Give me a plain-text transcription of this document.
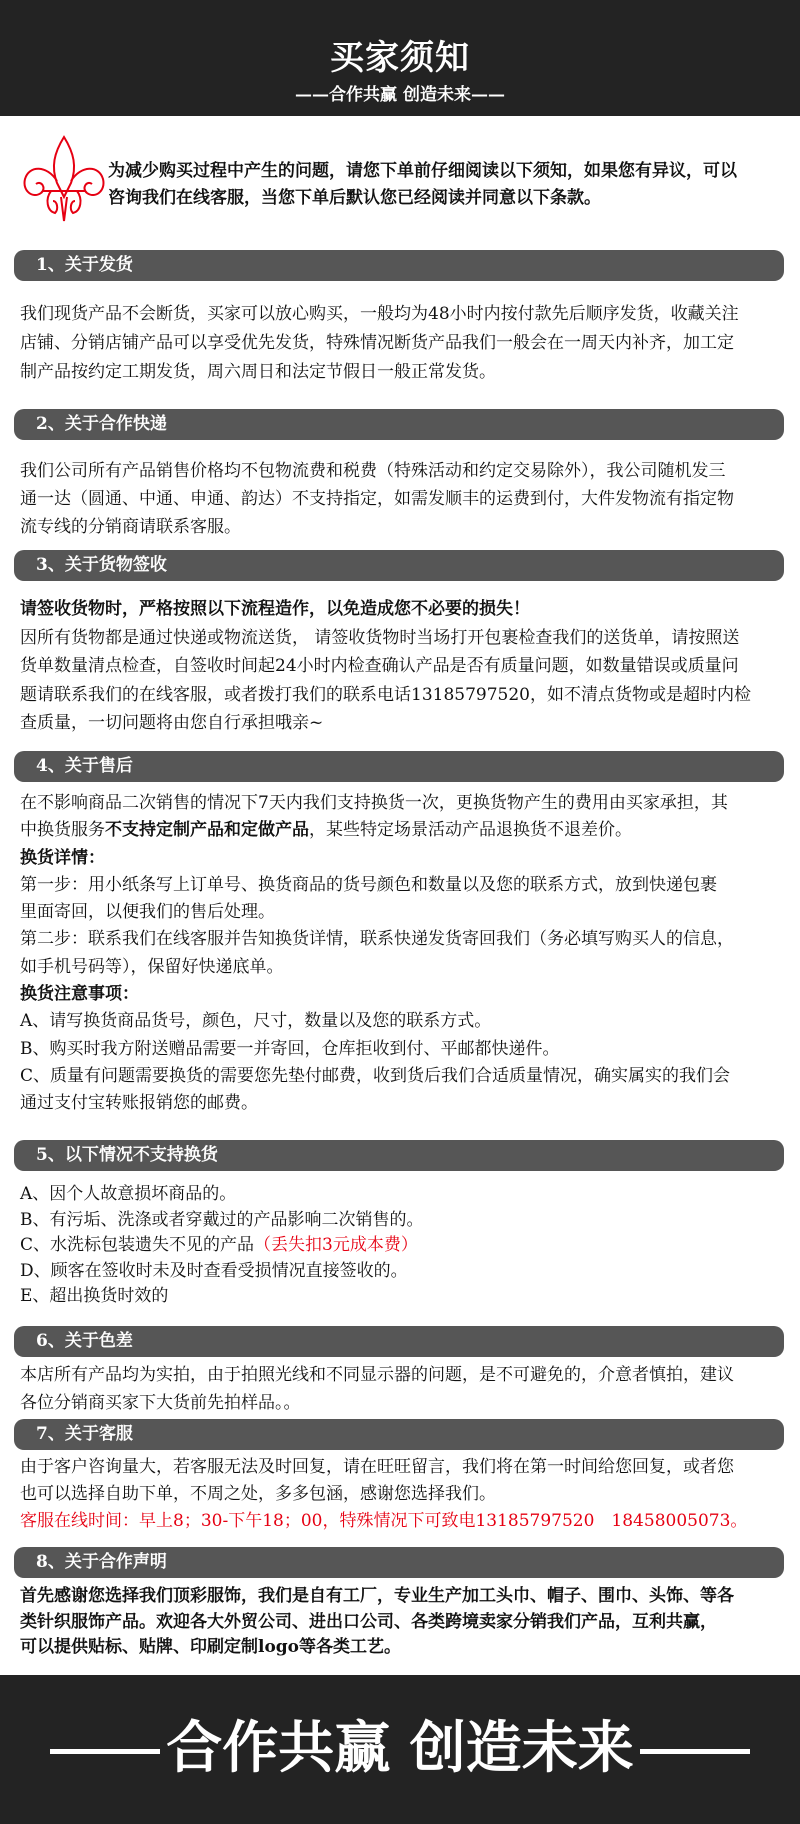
买家须知
——合作共赢 创造未来——
为减少购买过程中产生的问题，请您下单前仔细阅读以下须知，如果您有异议，可以
咨询我们在线客服，当您下单后默认您已经阅读并同意以下条款。
1、关于发货
我们现货产品不会断货，买家可以放心购买，一般均为48小时内按付款先后顺序发货，收藏关注
店铺、分销店铺产品可以享受优先发货，特殊情况断货产品我们一般会在一周天内补齐，加工定
制产品按约定工期发货，周六周日和法定节假日一般正常发货。
2、关于合作快递
我们公司所有产品销售价格均不包物流费和税费（特殊活动和约定交易除外），我公司随机发三
通一达（圆通、中通、申通、韵达）不支持指定，如需发顺丰的运费到付，大件发物流有指定物
流专线的分销商请联系客服。
3、关于货物签收
请签收货物时，严格按照以下流程造作，以免造成您不必要的损失！
因所有货物都是通过快递或物流送货， 请签收货物时当场打开包裹检查我们的送货单，请按照送
货单数量清点检查，自签收时间起24小时内检查确认产品是否有质量问题，如数量错误或质量问
题请联系我们的在线客服，或者拨打我们的联系电话13185797520，如不清点货物或是超时内检
查质量，一切问题将由您自行承担哦亲~
4、关于售后
在不影响商品二次销售的情况下7天内我们支持换货一次，更换货物产生的费用由买家承担，其
中换货服务不支持定制产品和定做产品，某些特定场景活动产品退换货不退差价。
换货详情：
第一步：用小纸条写上订单号、换货商品的货号颜色和数量以及您的联系方式，放到快递包裹
里面寄回，以便我们的售后处理。
第二步：联系我们在线客服并告知换货详情，联系快递发货寄回我们（务必填写购买人的信息，
如手机号码等），保留好快递底单。
换货注意事项：
A、请写换货商品货号，颜色，尺寸，数量以及您的联系方式。
B、购买时我方附送赠品需要一并寄回，仓库拒收到付、平邮都快递件。
C、质量有问题需要换货的需要您先垫付邮费，收到货后我们合适质量情况，确实属实的我们会
通过支付宝转账报销您的邮费。
5、以下情况不支持换货
A、因个人故意损坏商品的。
B、有污垢、洗涤或者穿戴过的产品影响二次销售的。
C、水洗标包装遗失不见的产品（丢失扣3元成本费）
D、顾客在签收时未及时查看受损情况直接签收的。
E、超出换货时效的
6、关于色差
本店所有产品均为实拍，由于拍照光线和不同显示器的问题，是不可避免的，介意者慎拍，建议
各位分销商买家下大货前先拍样品。。
7、关于客服
由于客户咨询量大，若客服无法及时回复，请在旺旺留言，我们将在第一时间给您回复，或者您
也可以选择自助下单，不周之处，多多包涵，感谢您选择我们。
客服在线时间：早上8；30-下午18；00，特殊情况下可致电13185797520　18458005073。
8、关于合作声明
首先感谢您选择我们顶彩服饰，我们是自有工厂，专业生产加工头巾、帽子、围巾、头饰、等各
类针织服饰产品。欢迎各大外贸公司、进出口公司、各类跨境卖家分销我们产品，互利共赢，
可以提供贴标、贴牌、印刷定制logo等各类工艺。
合作共赢 创造未来
